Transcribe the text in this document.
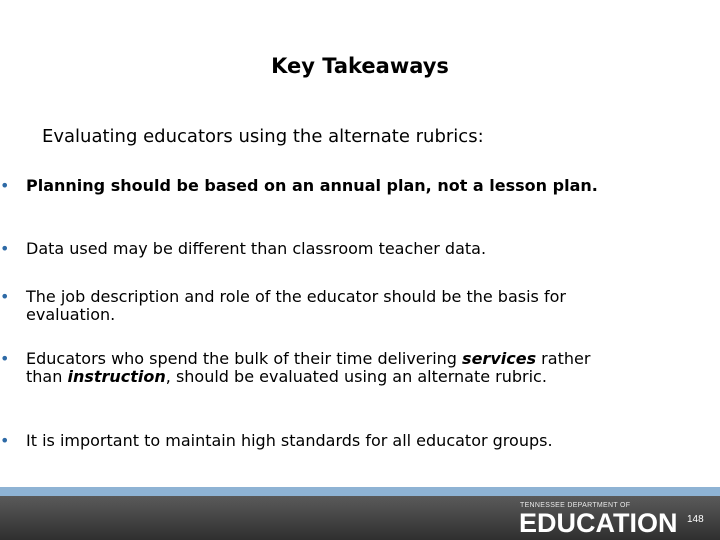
Key Takeaways
Evaluating educators using the alternate rubrics:
• Planning should be based on an annual plan, not a lesson plan.
• Data used may be different than classroom teacher data.
• The job description and role of the educator should be the basis for evaluation.
• Educators who spend the bulk of their time delivering services rather than instruction, should be evaluated using an alternate rubric.
• It is important to maintain high standards for all educator groups.
TENNESSEE DEPARTMENT OF
EDUCATION 148
